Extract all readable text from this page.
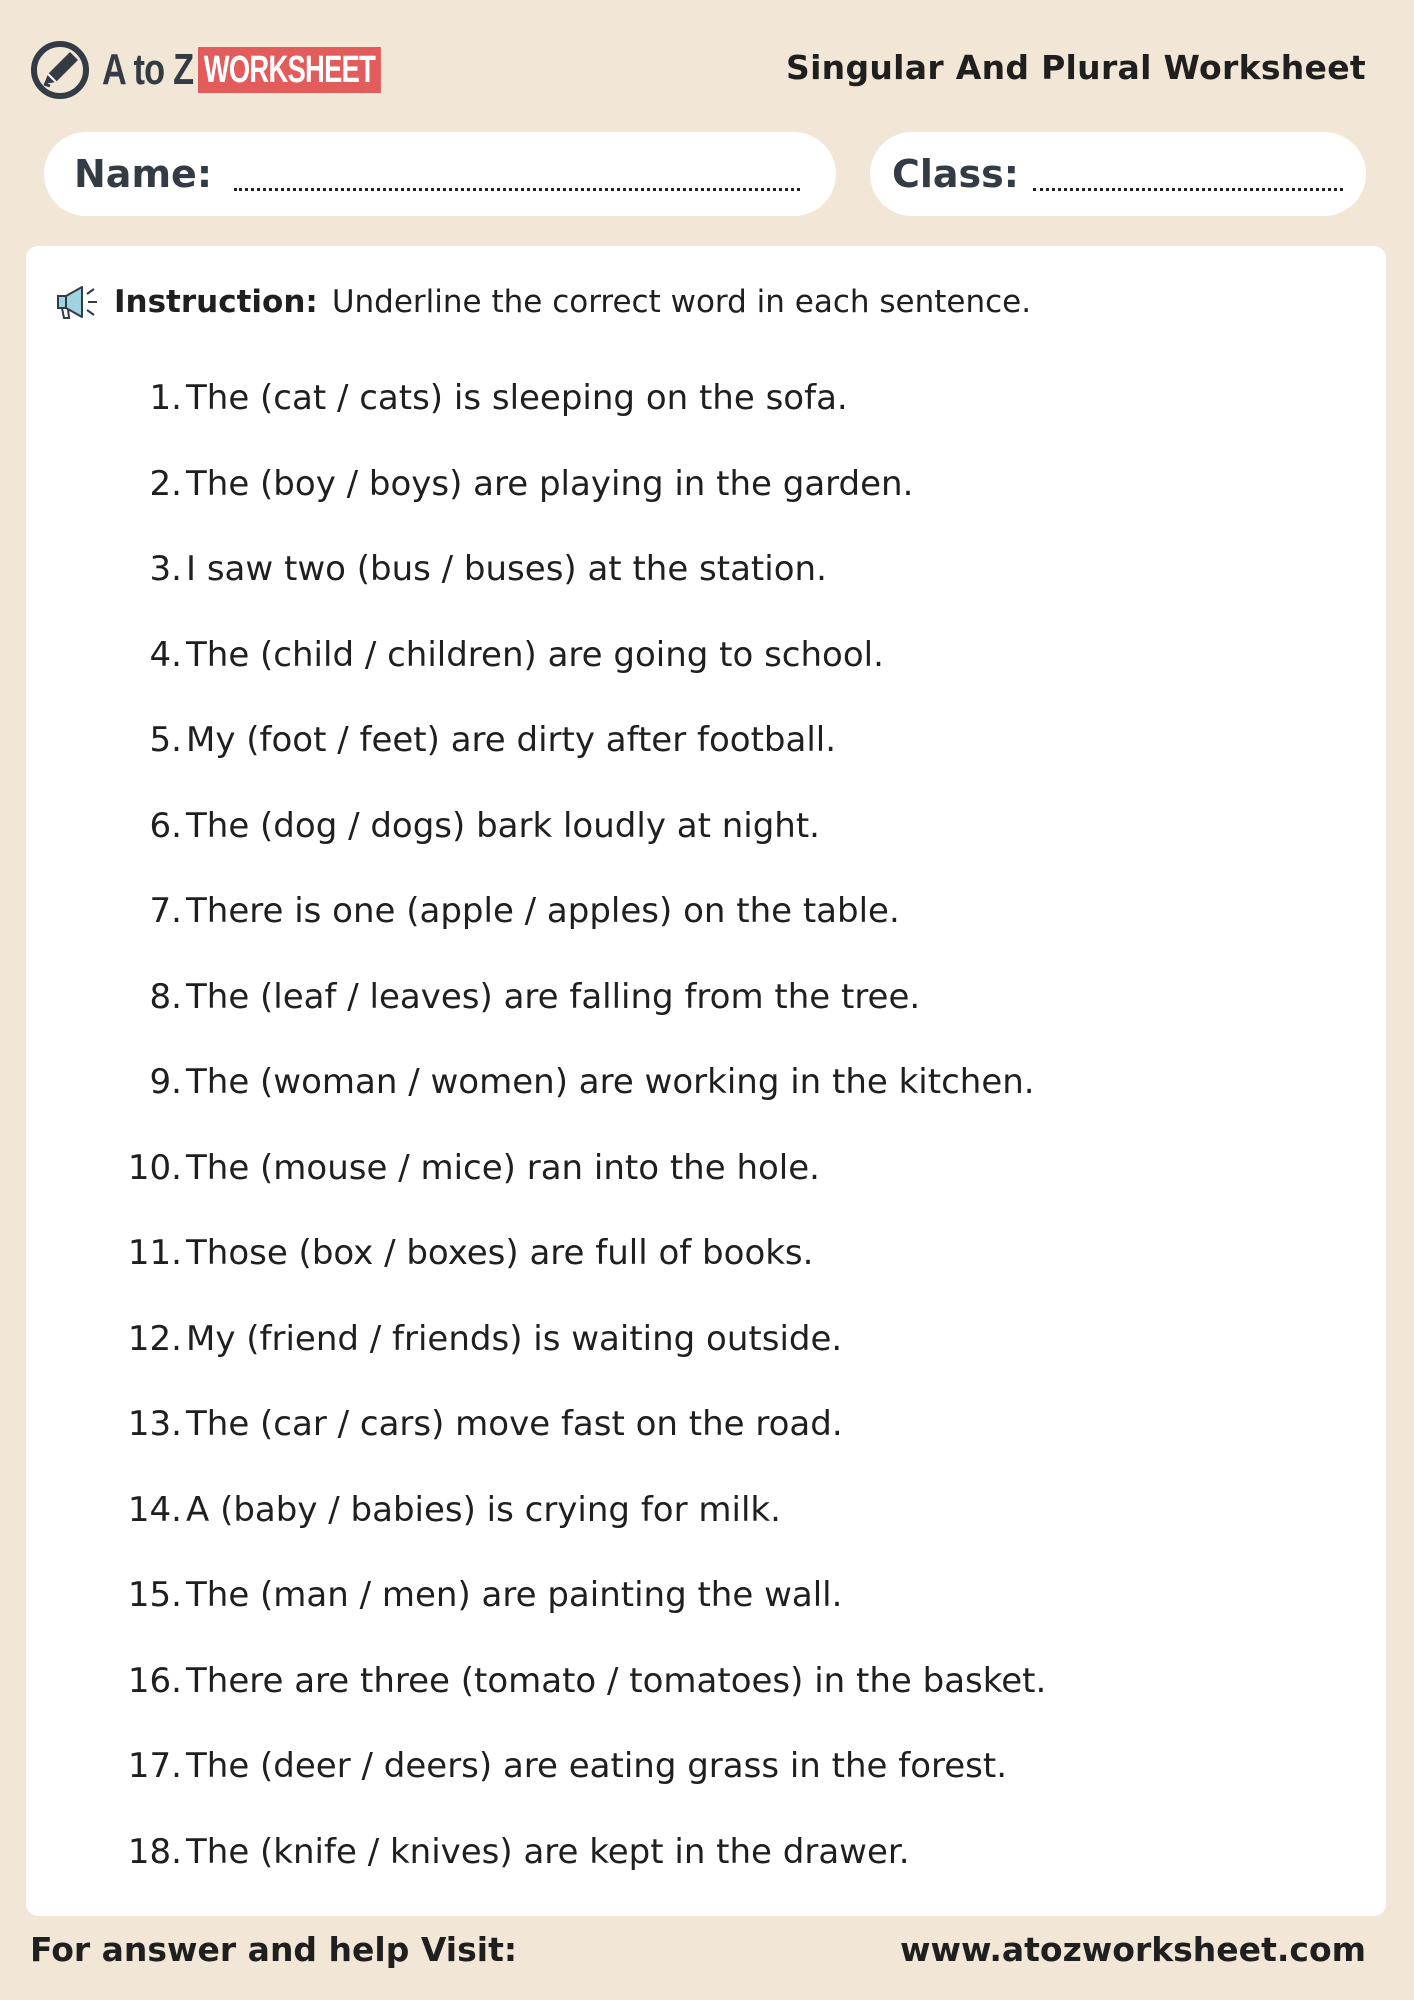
A to Z WORKSHEET	Singular And Plural Worksheet
Name:	Class:
Instruction: Underline the correct word in each sentence.
1. The (cat / cats) is sleeping on the sofa.
2. The (boy / boys) are playing in the garden.
3. I saw two (bus / buses) at the station.
4. The (child / children) are going to school.
5. My (foot / feet) are dirty after football.
6. The (dog / dogs) bark loudly at night.
7. There is one (apple / apples) on the table.
8. The (leaf / leaves) are falling from the tree.
9. The (woman / women) are working in the kitchen.
10. The (mouse / mice) ran into the hole.
11. Those (box / boxes) are full of books.
12. My (friend / friends) is waiting outside.
13. The (car / cars) move fast on the road.
14. A (baby / babies) is crying for milk.
15. The (man / men) are painting the wall.
16. There are three (tomato / tomatoes) in the basket.
17. The (deer / deers) are eating grass in the forest.
18. The (knife / knives) are kept in the drawer.
For answer and help Visit:	www.atozworksheet.com
